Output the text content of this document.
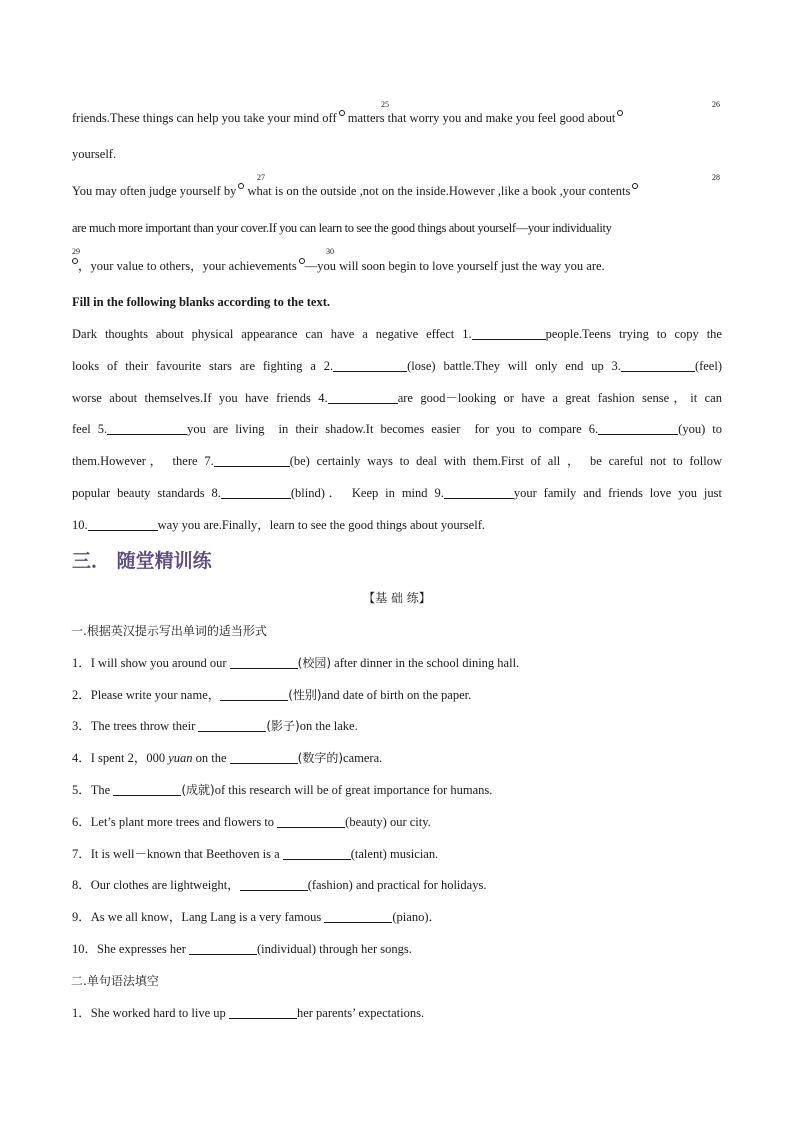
25	26
friends.These things can help you take your mind off matters that worry you and make you feel good about
yourself.
27	28
You may often judge yourself by what is on the outside ,not on the inside.However ,like a book ,your contents
are much more important than your cover.If you can learn to see the good things about yourself—your individuality
29	30
，your value to others，your achievements —you will soon begin to love yourself just the way you are.
Fill in the following blanks according to the text.
Dark thoughts about physical appearance can have a negative effect 1.	people.Teens trying to copy the
looks of their favourite stars are fighting a 2.	(lose) battle.They will only end up 3.	(feel)
worse about themselves.If you have friends 4.	are good－looking or have a great fashion sense，it can
feel 5.	you are living  in their shadow.It becomes easier  for you to compare 6.	(you) to
them.However， there 7.	(be) certainly ways to deal with them.First of all ， be careful not to follow
popular beauty standards 8.	(blind)． Keep in mind 9.	your family and friends love you just
10.	way you are.Finally，learn to see the good things about yourself.
三． 随堂精训练
【基 础 练】
一.根据英汉提示写出单词的适当形式
1．I will show you around our	(校园) after dinner in the school dining hall.
2．Please write your name，	(性别)and date of birth on the paper.
3．The trees throw their	(影子)on the lake.
4．I spent 2，000 yuan on the	(数字的)camera.
5．The	(成就)of this research will be of great importance for humans.
6．Let’s plant more trees and flowers to	(beauty) our city.
7．It is well－known that Beethoven is a	(talent) musician.
8．Our clothes are lightweight，	(fashion) and practical for holidays.
9．As we all know，Lang Lang is a very famous	(piano)．
10．She expresses her	(individual) through her songs.
二.单句语法填空
1．She worked hard to live up	her parents’ expectations.
